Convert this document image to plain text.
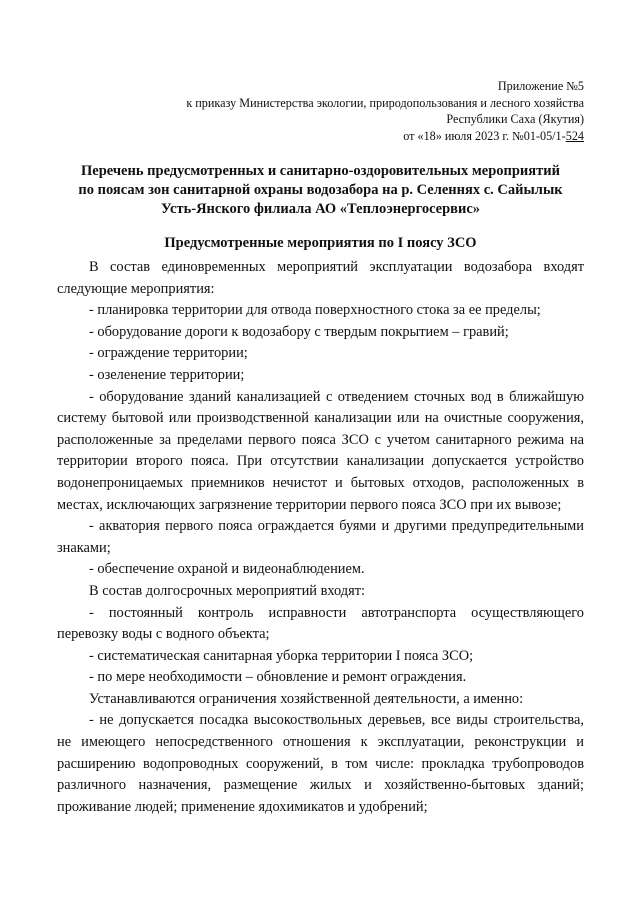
Приложение №5
к приказу Министерства экологии, природопользования и лесного хозяйства
Республики Саха (Якутия)
от «18» июля 2023 г. №01-05/1-524
Перечень предусмотренных и санитарно-оздоровительных мероприятий
по поясам зон санитарной охраны водозабора на р. Селеннях с. Сайылык
Усть-Янского филиала АО «Теплоэнергосервис»
Предусмотренные мероприятия по I поясу ЗСО

В состав единовременных мероприятий эксплуатации водозабора входят следующие мероприятия:

- планировка территории для отвода поверхностного стока за ее пределы;

- оборудование дороги к водозабору с твердым покрытием – гравий;

- ограждение территории;

- озеленение территории;

- оборудование зданий канализацией с отведением сточных вод в ближайшую систему бытовой или производственной канализации или на очистные сооружения, расположенные за пределами первого пояса ЗСО с учетом санитарного режима на территории второго пояса. При отсутствии канализации допускается устройство водонепроницаемых приемников нечистот и бытовых отходов, расположенных в местах, исключающих загрязнение территории первого пояса ЗСО при их вывозе;

- акватория первого пояса ограждается буями и другими предупредительными знаками;

- обеспечение охраной и видеонаблюдением.

В состав долгосрочных мероприятий входят:

- постоянный контроль исправности автотранспорта осуществляющего перевозку воды с водного объекта;

- систематическая санитарная уборка территории I пояса ЗСО;

- по мере необходимости – обновление и ремонт ограждения.

Устанавливаются ограничения хозяйственной деятельности, а именно:

- не допускается посадка высокоствольных деревьев, все виды строительства, не имеющего непосредственного отношения к эксплуатации, реконструкции и расширению водопроводных сооружений, в том числе: прокладка трубопроводов различного назначения, размещение жилых и хозяйственно-бытовых зданий; проживание людей; применение ядохимикатов и удобрений;
